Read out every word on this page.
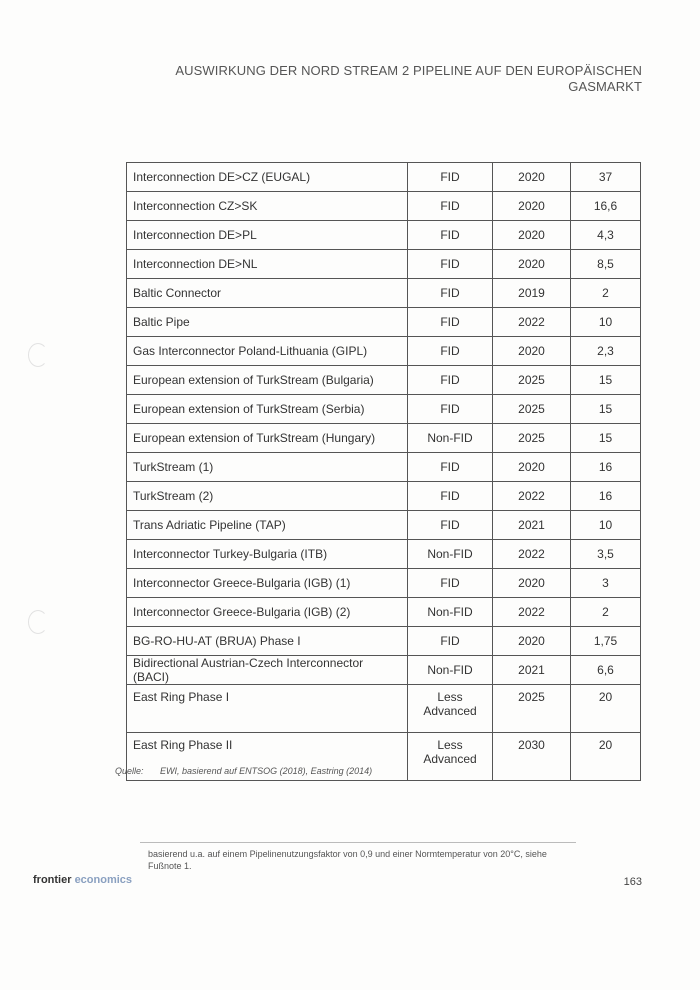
AUSWIRKUNG DER NORD STREAM 2 PIPELINE AUF DEN EUROPÄISCHEN
GASMARKT
Interconnection DE>CZ (EUGAL)	FID	2020	37
Interconnection CZ>SK	FID	2020	16,6
Interconnection DE>PL	FID	2020	4,3
Interconnection DE>NL	FID	2020	8,5
Baltic Connector	FID	2019	2
Baltic Pipe	FID	2022	10
Gas Interconnector Poland-Lithuania (GIPL)	FID	2020	2,3
European extension of TurkStream (Bulgaria)	FID	2025	15
European extension of TurkStream (Serbia)	FID	2025	15
European extension of TurkStream (Hungary)	Non-FID	2025	15
TurkStream (1)	FID	2020	16
TurkStream (2)	FID	2022	16
Trans Adriatic Pipeline (TAP)	FID	2021	10
Interconnector Turkey-Bulgaria (ITB)	Non-FID	2022	3,5
Interconnector Greece-Bulgaria (IGB) (1)	FID	2020	3
Interconnector Greece-Bulgaria (IGB) (2)	Non-FID	2022	2
BG-RO-HU-AT (BRUA) Phase I	FID	2020	1,75
Bidirectional Austrian-Czech Interconnector (BACI)	Non-FID	2021	6,6
East Ring Phase I	Less Advanced	2025	20
East Ring Phase II	Less Advanced	2030	20
Quelle: EWI, basierend auf ENTSOG (2018), Eastring (2014)
basierend u.a. auf einem Pipelinenutzungsfaktor von 0,9 und einer Normtemperatur von 20°C, siehe Fußnote 1.
frontier economics	163
